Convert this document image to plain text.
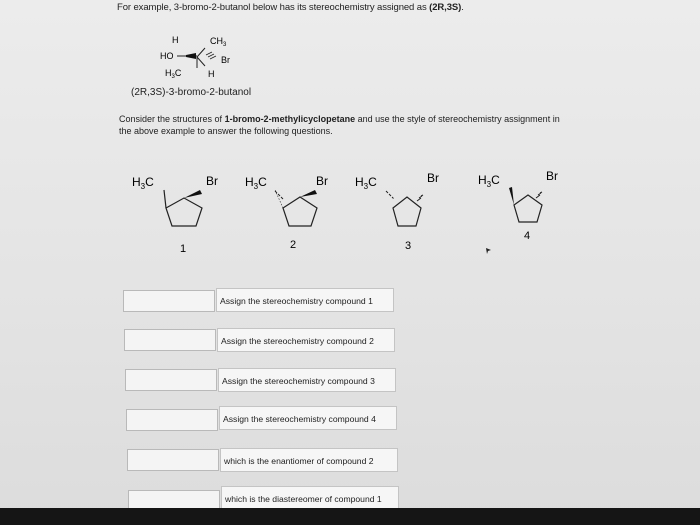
For example, 3-bromo-2-butanol below has its stereochemistry assigned as (2R,3S).
H	$CH_3$
HO	Br
$H_3C$	H
(2R,3S)-3-bromo-2-butanol
Consider the structures of 1-bromo-2-methylicyclopetane and use the style of stereochemistry assignment in the above example to answer the following questions.
$H_3C$	Br
1
$H_3C$	Br
2
$H_3C$	Br
3
$H_3C$	Br
4
Assign the stereochemistry compound 1
Assign the stereochemistry compound 2
Assign the stereochemistry compound 3
Assign the stereochemistry compound 4
which is the enantiomer of compound 2
which is the diastereomer of compound 1
